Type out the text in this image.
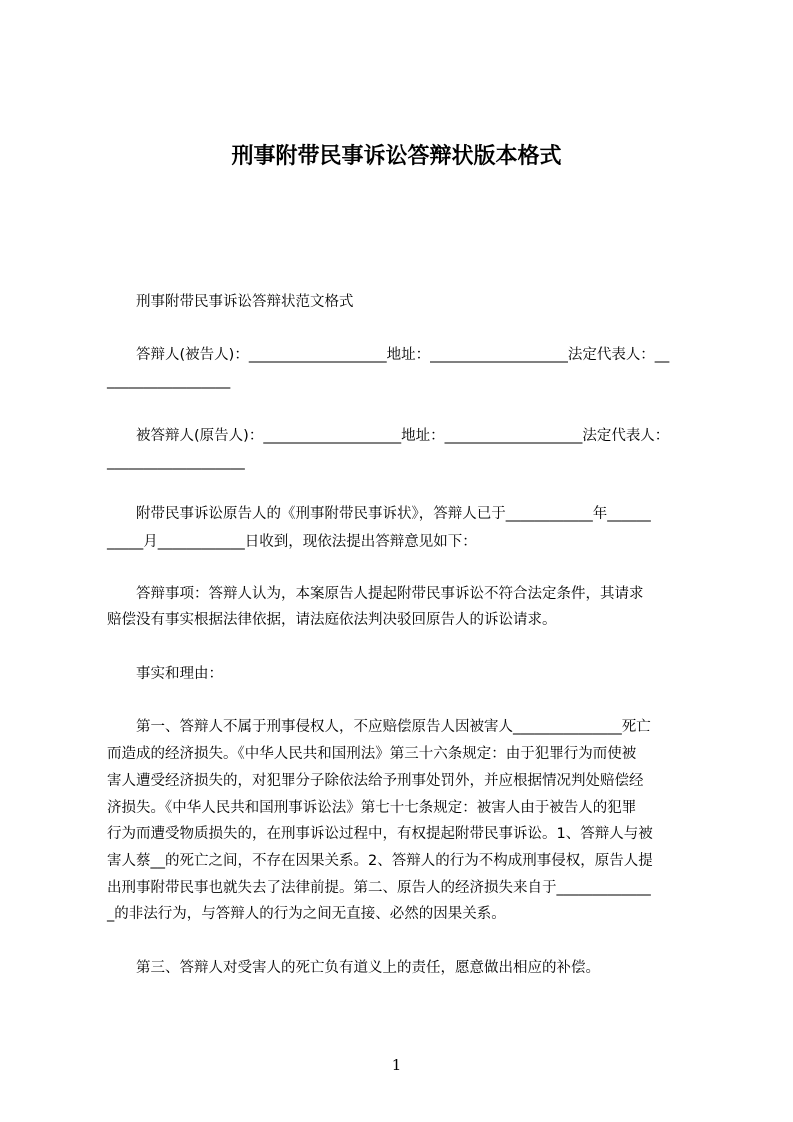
刑事附带民事诉讼答辩状版本格式

　　刑事附带民事诉讼答辩状范文格式

　　答辩人(被告人)：___________________地址：___________________法定代表人：__

_________________

　　被答辩人(原告人)：___________________地址：___________________法定代表人：

___________________

　　附带民事诉讼原告人的《刑事附带民事诉状》，答辩人已于____________年______

_____月____________日收到，现依法提出答辩意见如下：

　　答辩事项：答辩人认为，本案原告人提起附带民事诉讼不符合法定条件，其请求

赔偿没有事实根据法律依据，请法庭依法判决驳回原告人的诉讼请求。

　　事实和理由：

　　第一、答辩人不属于刑事侵权人，不应赔偿原告人因被害人_______________死亡

而造成的经济损失。《中华人民共和国刑法》第三十六条规定：由于犯罪行为而使被

害人遭受经济损失的，对犯罪分子除依法给予刑事处罚外，并应根据情况判处赔偿经

济损失。《中华人民共和国刑事诉讼法》第七十七条规定：被害人由于被告人的犯罪

行为而遭受物质损失的，在刑事诉讼过程中，有权提起附带民事诉讼。1、答辩人与被

害人蔡__的死亡之间，不存在因果关系。2、答辩人的行为不构成刑事侵权，原告人提

出刑事附带民事也就失去了法律前提。第二、原告人的经济损失来自于_____________

_的非法行为，与答辩人的行为之间无直接、必然的因果关系。

　　第三、答辩人对受害人的死亡负有道义上的责任，愿意做出相应的补偿。

1
